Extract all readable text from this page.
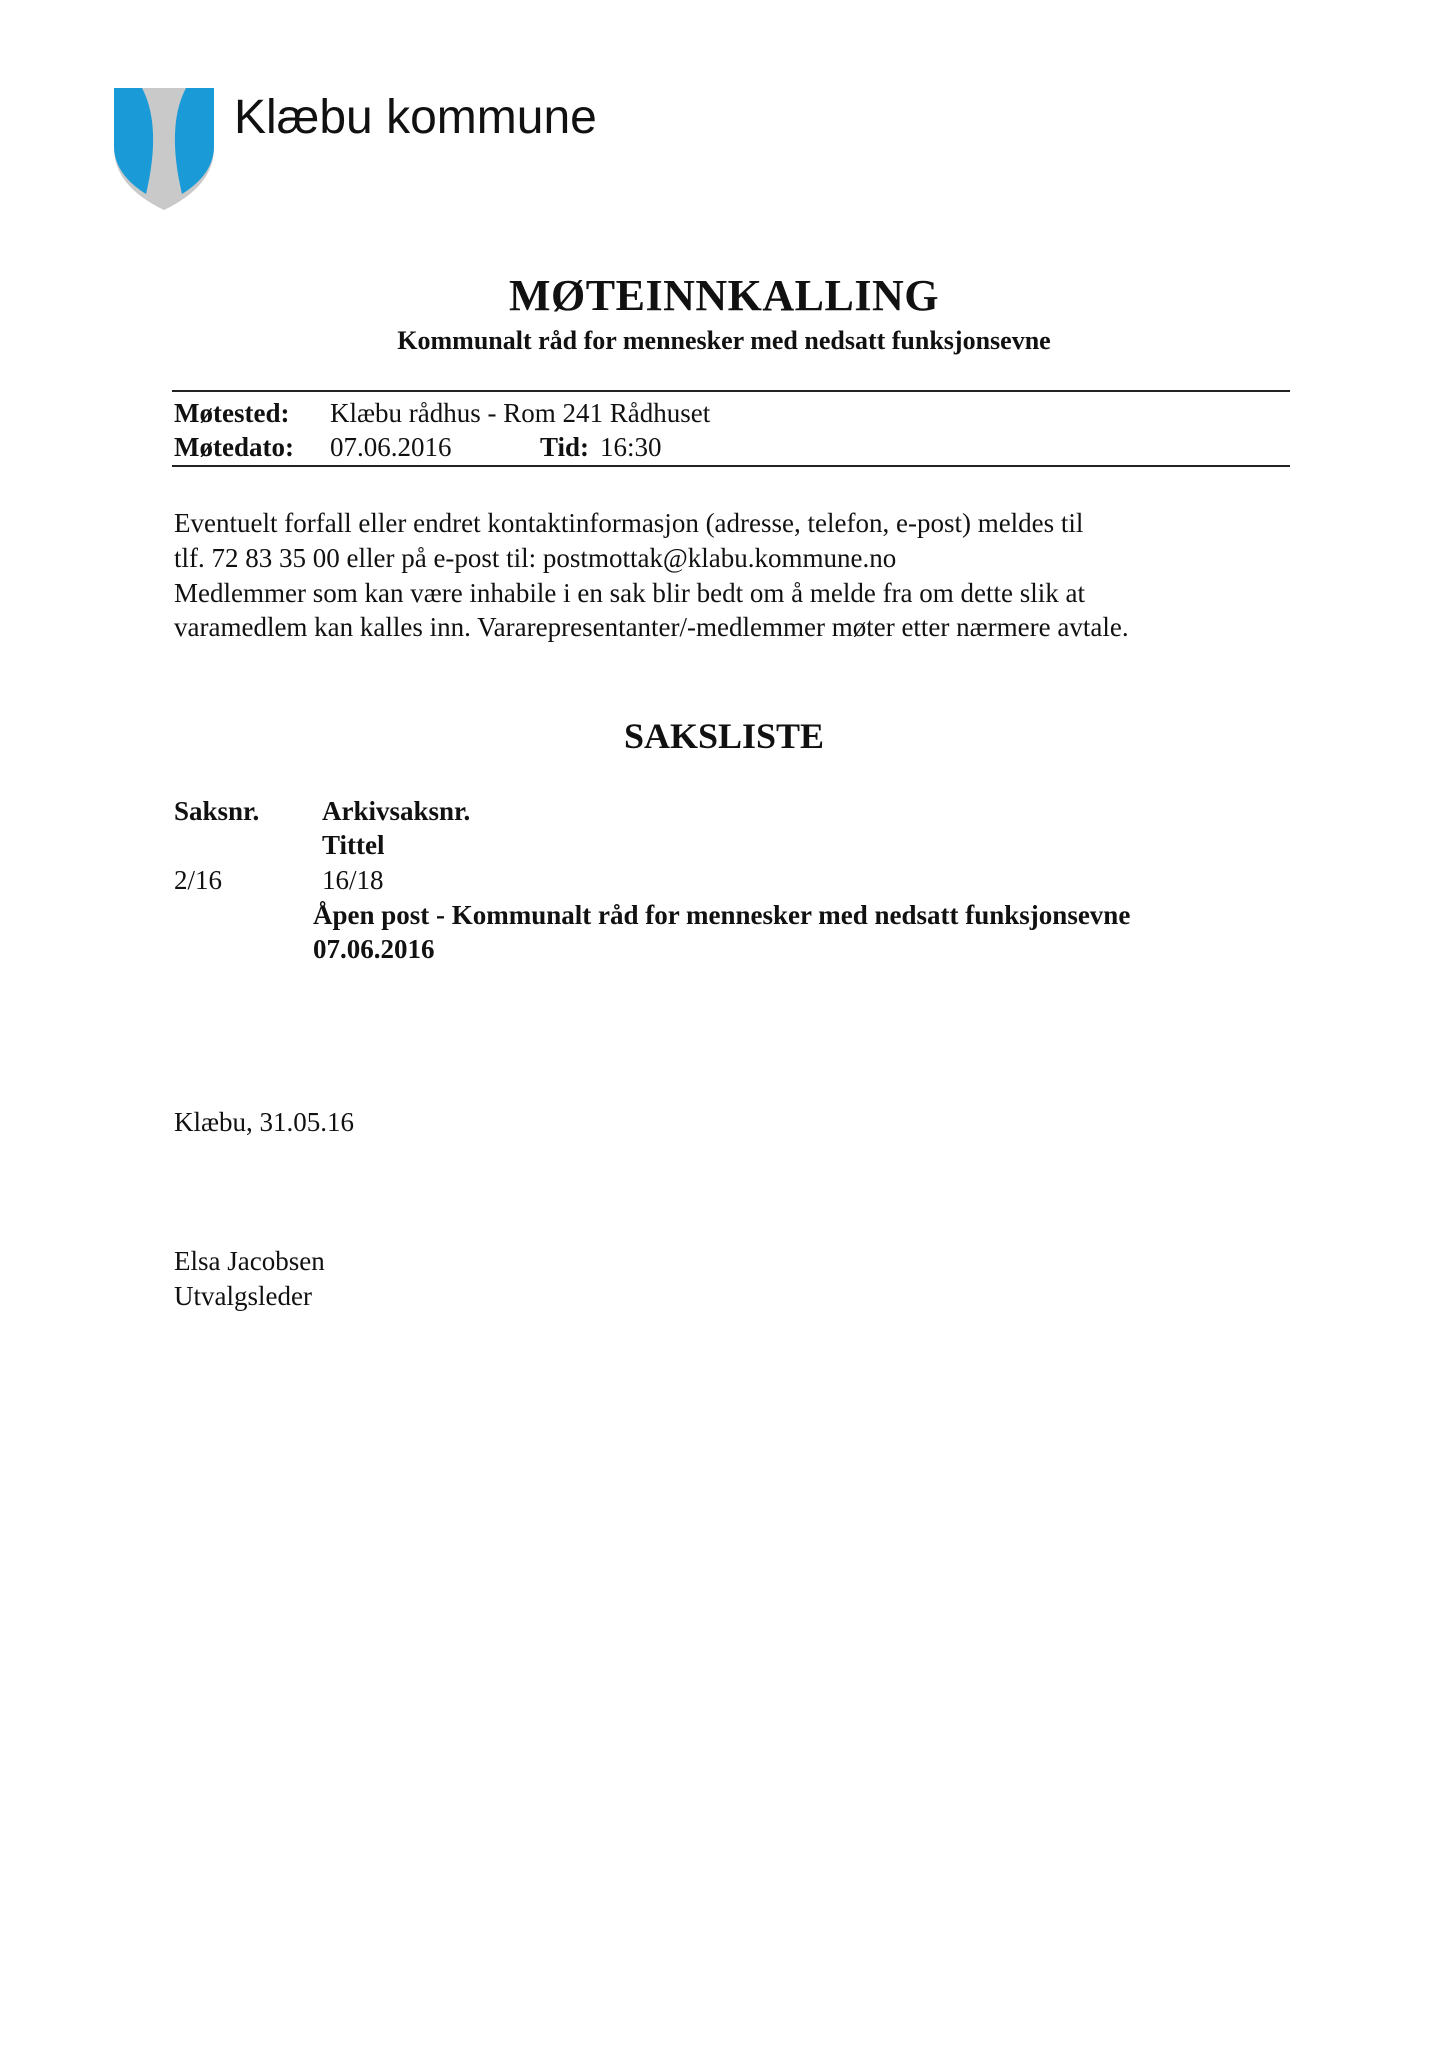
Klæbu kommune
MØTEINNKALLING
Kommunalt råd for mennesker med nedsatt funksjonsevne
Møtested: Klæbu rådhus - Rom 241 Rådhuset
Møtedato: 07.06.2016	Tid: 16:30
Eventuelt forfall eller endret kontaktinformasjon (adresse, telefon, e-post) meldes til
tlf. 72 83 35 00 eller på e-post til: postmottak@klabu.kommune.no
Medlemmer som kan være inhabile i en sak blir bedt om å melde fra om dette slik at
varamedlem kan kalles inn. Vararepresentanter/-medlemmer møter etter nærmere avtale.
SAKSLISTE
Saksnr. Arkivsaksnr.
Tittel
2/16	16/18
Åpen post - Kommunalt råd for mennesker med nedsatt funksjonsevne
07.06.2016
Klæbu, 31.05.16
Elsa Jacobsen
Utvalgsleder
